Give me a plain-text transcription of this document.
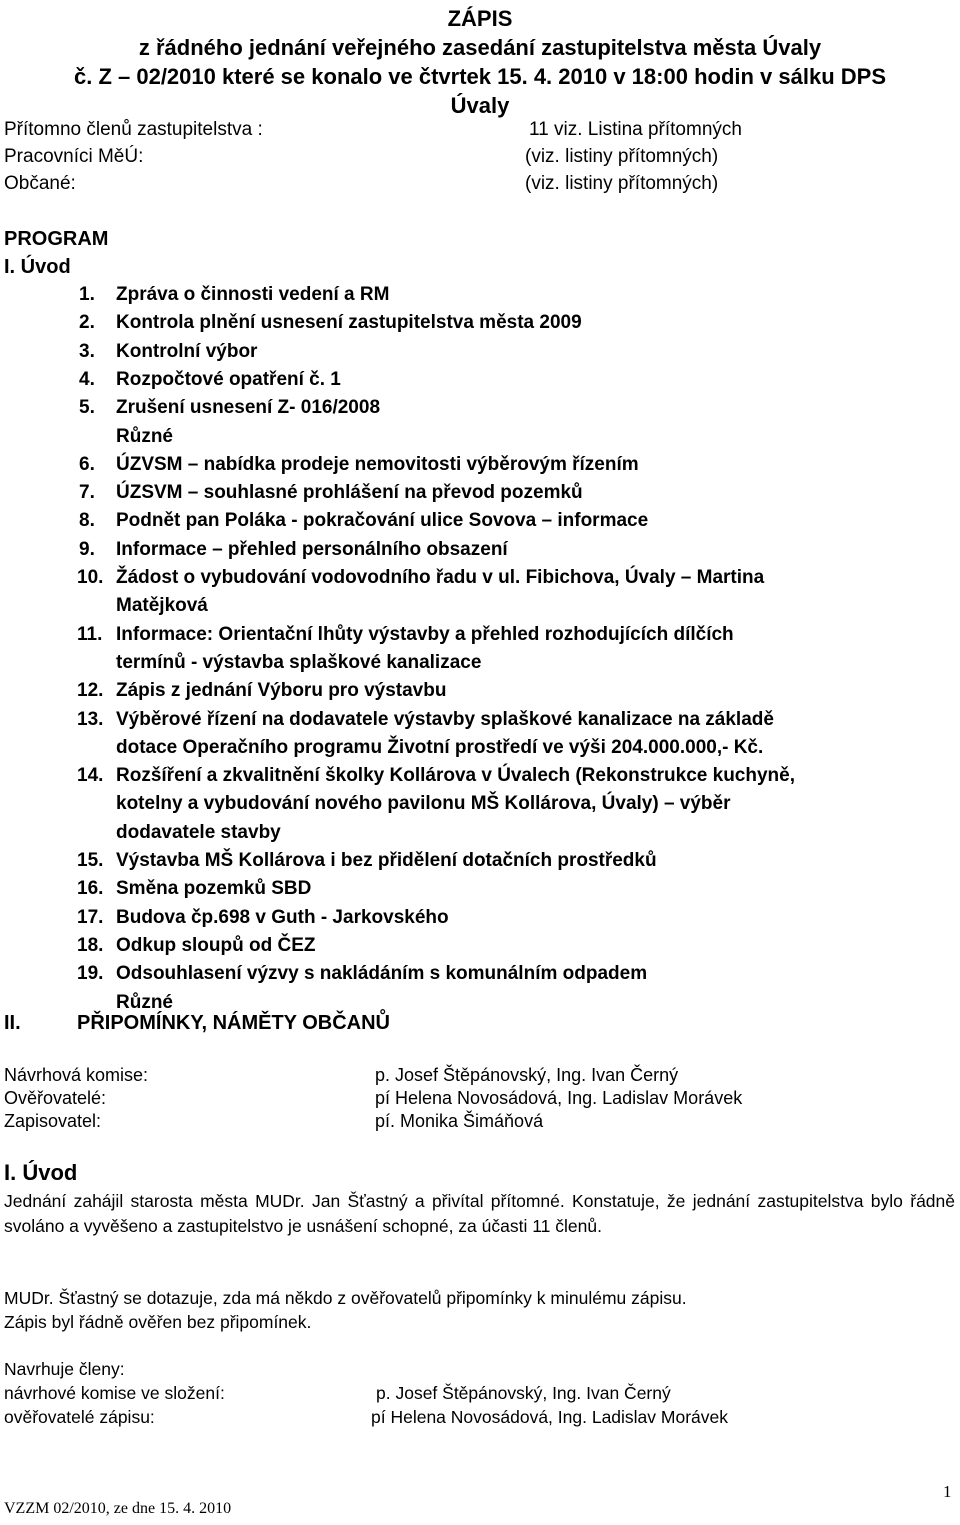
ZÁPIS
z řádného jednání veřejného zasedání zastupitelstva města Úvaly
č. Z – 02/2010 které se konalo ve čtvrtek 15. 4. 2010 v 18:00 hodin v sálku DPS
Úvaly
Přítomno členů zastupitelstva :	11 viz. Listina přítomných
Pracovníci MěÚ:	(viz. listiny přítomných)
Občané:	(viz. listiny přítomných)
PROGRAM
I. Úvod
1. Zpráva o činnosti vedení a RM
2. Kontrola plnění usnesení zastupitelstva města 2009
3. Kontrolní výbor
4. Rozpočtové opatření č. 1
5. Zrušení usnesení Z- 016/2008
Různé
6. ÚZVSM – nabídka prodeje nemovitosti výběrovým řízením
7. ÚZSVM – souhlasné prohlášení na převod pozemků
8. Podnět pan Poláka - pokračování ulice Sovova – informace
9. Informace – přehled personálního obsazení
10. Žádost o vybudování vodovodního řadu v ul. Fibichova, Úvaly – Martina
Matějková
11. Informace: Orientační lhůty výstavby a přehled rozhodujících dílčích
termínů - výstavba splaškové kanalizace
12. Zápis z jednání Výboru pro výstavbu
13. Výběrové řízení na dodavatele výstavby splaškové kanalizace na základě
dotace Operačního programu Životní prostředí ve výši 204.000.000,- Kč.
14. Rozšíření a zkvalitnění školky Kollárova v Úvalech (Rekonstrukce kuchyně,
kotelny a vybudování nového pavilonu MŠ Kollárova, Úvaly) – výběr
dodavatele stavby
15. Výstavba MŠ Kollárova i bez přidělení dotačních prostředků
16. Směna pozemků SBD
17. Budova čp.698 v Guth - Jarkovského
18. Odkup sloupů od ČEZ
19. Odsouhlasení výzvy s nakládáním s komunálním odpadem
Různé
II.	PŘIPOMÍNKY, NÁMĚTY OBČANŮ
Návrhová komise:	p. Josef Štěpánovský, Ing. Ivan Černý
Ověřovatelé:	pí Helena Novosádová, Ing. Ladislav Morávek
Zapisovatel:	pí. Monika Šimáňová
I. Úvod
Jednání zahájil starosta města MUDr. Jan Šťastný a přivítal přítomné. Konstatuje, že jednání zastupitelstva bylo řádně svoláno a vyvěšeno a zastupitelstvo je usnášení schopné, za účasti 11 členů.
MUDr. Šťastný se dotazuje, zda má někdo z ověřovatelů připomínky k minulému zápisu.
Zápis byl řádně ověřen bez připomínek.
Navrhuje členy:
návrhové komise ve složení:	p. Josef Štěpánovský, Ing. Ivan Černý
ověřovatelé zápisu:	pí Helena Novosádová, Ing. Ladislav Morávek
1
VZZM 02/2010, ze dne 15. 4. 2010
